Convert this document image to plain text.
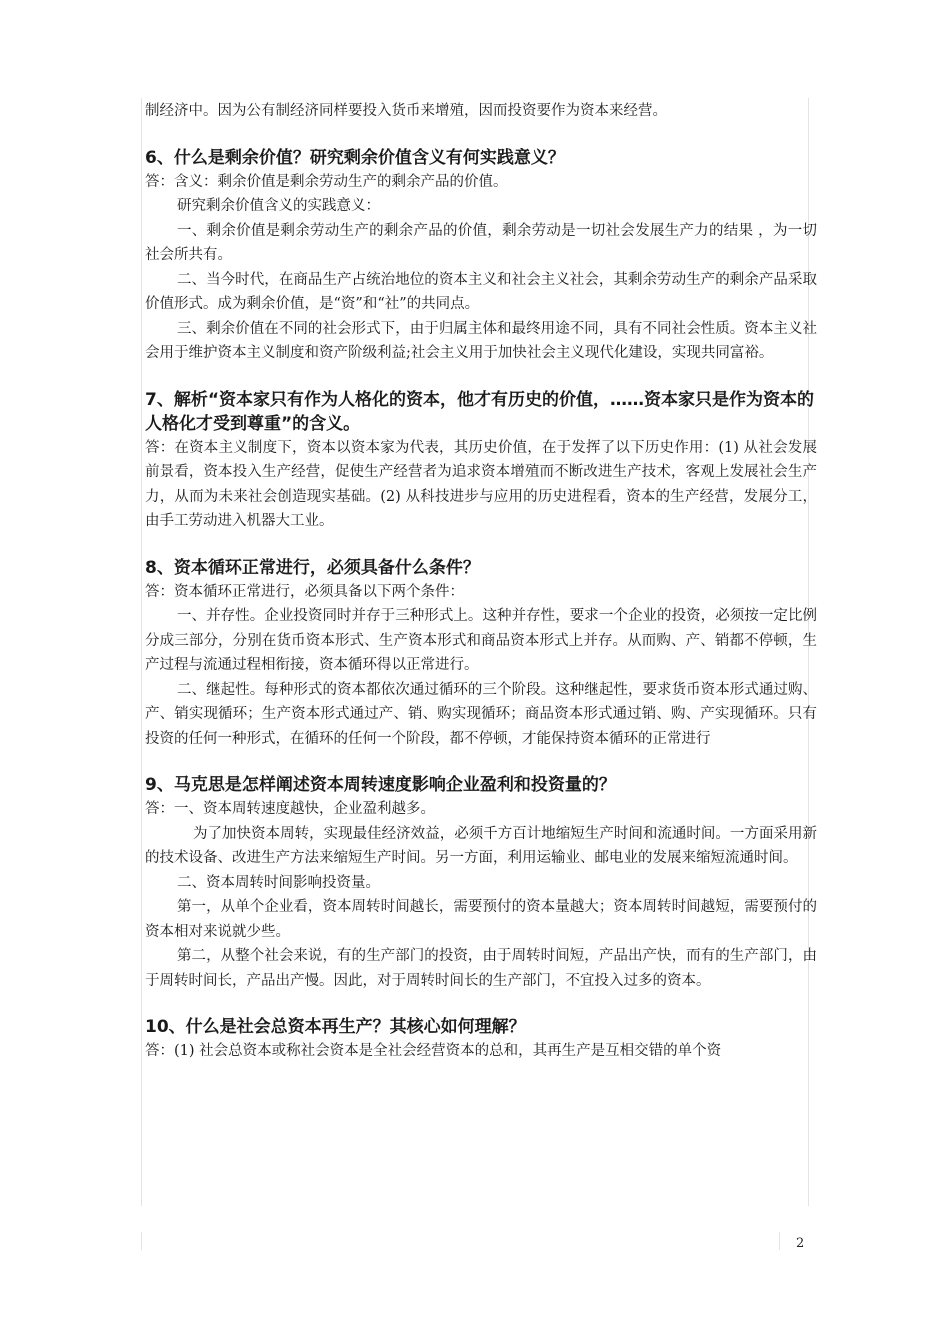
2
制经济中。因为公有制经济同样要投入货币来增殖，因而投资要作为资本来经营。
6、什么是剩余价值？研究剩余价值含义有何实践意义？
答：含义：剩余价值是剩余劳动生产的剩余产品的价值。
研究剩余价值含义的实践意义：
一、剩余价值是剩余劳动生产的剩余产品的价值，剩余劳动是一切社会发展生产力的结果 ，为一切社会所共有。
二、当今时代，在商品生产占统治地位的资本主义和社会主义社会，其剩余劳动生产的剩余产品采取价值形式。成为剩余价值，是“资”和“社”的共同点。
三、剩余价值在不同的社会形式下，由于归属主体和最终用途不同，具有不同社会性质。资本主义社会用于维护资本主义制度和资产阶级利益;社会主义用于加快社会主义现代化建设，实现共同富裕。
7、解析“资本家只有作为人格化的资本，他才有历史的价值，……资本家只是作为资本的人格化才受到尊重”的含义。
答：在资本主义制度下，资本以资本家为代表，其历史价值，在于发挥了以下历史作用：(1) 从社会发展前景看，资本投入生产经营，促使生产经营者为追求资本增殖而不断改进生产技术，客观上发展社会生产力，从而为未来社会创造现实基础。(2) 从科技进步与应用的历史进程看，资本的生产经营，发展分工，由手工劳动进入机器大工业。
8、资本循环正常进行，必须具备什么条件？
答：资本循环正常进行，必须具备以下两个条件：
一、并存性。企业投资同时并存于三种形式上。这种并存性，要求一个企业的投资，必须按一定比例分成三部分，分别在货币资本形式、生产资本形式和商品资本形式上并存。从而购、产、销都不停顿，生产过程与流通过程相衔接，资本循环得以正常进行。
二、继起性。每种形式的资本都依次通过循环的三个阶段。这种继起性，要求货币资本形式通过购、产、销实现循环；生产资本形式通过产、销、购实现循环；商品资本形式通过销、购、产实现循环。只有投资的任何一种形式，在循环的任何一个阶段，都不停顿，才能保持资本循环的正常进行
9、马克思是怎样阐述资本周转速度影响企业盈利和投资量的？
答：一、资本周转速度越快，企业盈利越多。
为了加快资本周转，实现最佳经济效益，必须千方百计地缩短生产时间和流通时间。一方面采用新的技术设备、改进生产方法来缩短生产时间。另一方面，利用运输业、邮电业的发展来缩短流通时间。
二、资本周转时间影响投资量。
第一，从单个企业看，资本周转时间越长，需要预付的资本量越大；资本周转时间越短，需要预付的资本相对来说就少些。
第二，从整个社会来说，有的生产部门的投资，由于周转时间短，产品出产快，而有的生产部门，由于周转时间长，产品出产慢。因此，对于周转时间长的生产部门，不宜投入过多的资本。
10、什么是社会总资本再生产？其核心如何理解？
答：(1) 社会总资本或称社会资本是全社会经营资本的总和，其再生产是互相交错的单个资
